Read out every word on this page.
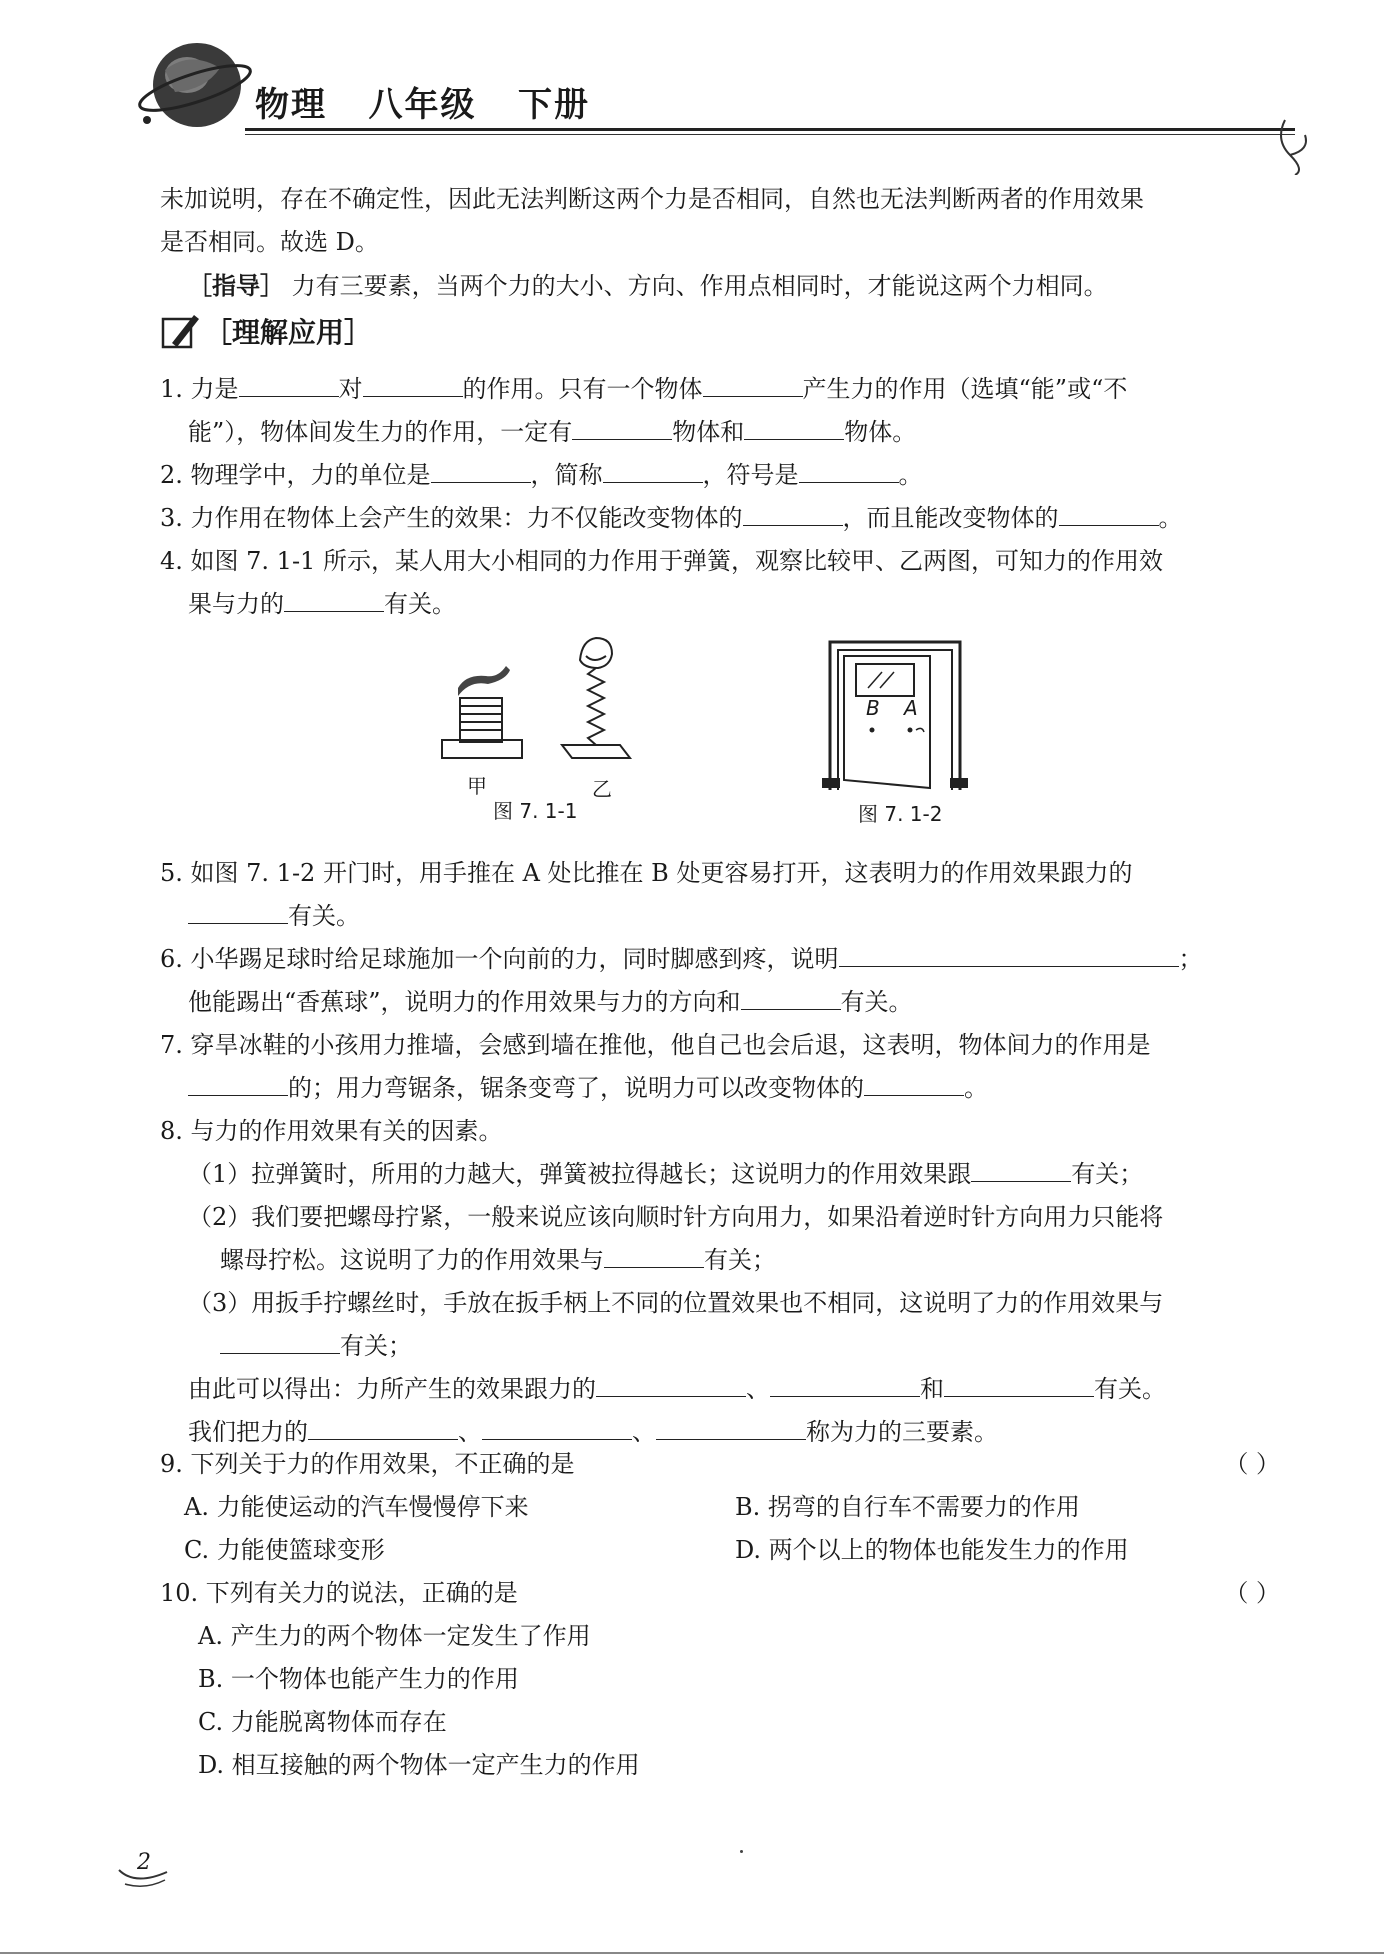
物理   八年级   下册
未加说明，存在不确定性，因此无法判断这两个力是否相同，自然也无法判断两者的作用效果
是否相同。故选 D。
［指导］ 力有三要素，当两个力的大小、方向、作用点相同时，才能说这两个力相同。
［理解应用］
1. 力是	对	的作用。只有一个物体	产生力的作用（选填“能”或“不
能”），物体间发生力的作用，一定有	物体和	物体。
2. 物理学中，力的单位是	，简称	，符号是	。
3. 力作用在物体上会产生的效果：力不仅能改变物体的	，而且能改变物体的	。
4. 如图 7. 1-1 所示，某人用大小相同的力作用于弹簧，观察比较甲、乙两图，可知力的作用效
果与力的	有关。
甲	乙
图 7. 1-1
B A
图 7. 1-2
5. 如图 7. 1-2 开门时，用手推在 A 处比推在 B 处更容易打开，这表明力的作用效果跟力的
有关。
6. 小华踢足球时给足球施加一个向前的力，同时脚感到疼，说明	；
他能踢出“香蕉球”，说明力的作用效果与力的方向和	有关。
7. 穿旱冰鞋的小孩用力推墙，会感到墙在推他，他自己也会后退，这表明，物体间力的作用是
的；用力弯锯条，锯条变弯了，说明力可以改变物体的	。
8. 与力的作用效果有关的因素。
（1）拉弹簧时，所用的力越大，弹簧被拉得越长；这说明力的作用效果跟	有关；
（2）我们要把螺母拧紧，一般来说应该向顺时针方向用力，如果沿着逆时针方向用力只能将
螺母拧松。这说明了力的作用效果与	有关；
（3）用扳手拧螺丝时，手放在扳手柄上不同的位置效果也不相同，这说明了力的作用效果与
有关；
由此可以得出：力所产生的效果跟力的	、	和	有关。
我们把力的	、	、	称为力的三要素。
9. 下列关于力的作用效果，不正确的是	（ ）
A. 力能使运动的汽车慢慢停下来	B. 拐弯的自行车不需要力的作用
C. 力能使篮球变形	D. 两个以上的物体也能发生力的作用
10. 下列有关力的说法，正确的是	（ ）
A. 产生力的两个物体一定发生了作用
B. 一个物体也能产生力的作用
C. 力能脱离物体而存在
D. 相互接触的两个物体一定产生力的作用
2
